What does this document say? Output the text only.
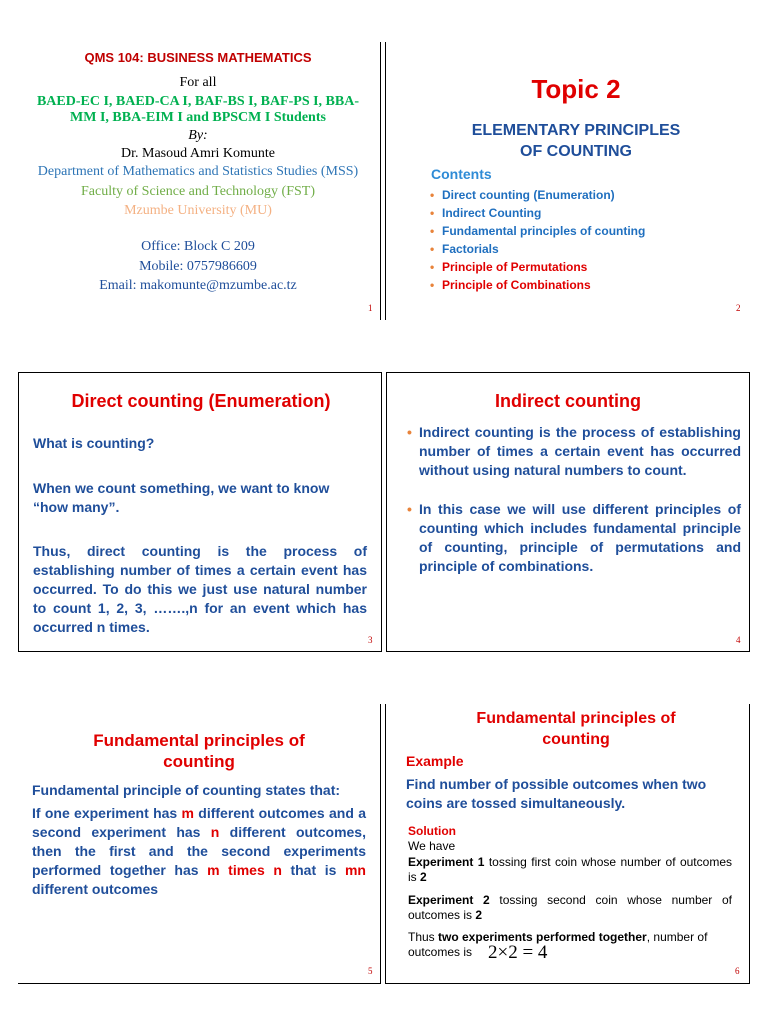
QMS 104: BUSINESS MATHEMATICS
For all
BAED-EC I, BAED-CA I, BAF-BS I, BAF-PS I, BBA-MM I, BBA-EIM I and BPSCM I Students
By:
Dr. Masoud Amri Komunte
Department of Mathematics and Statistics Studies (MSS)
Faculty of Science and Technology (FST)
Mzumbe University (MU)
Office: Block C 209
Mobile: 0757986609
Email: makomunte@mzumbe.ac.tz
1
Topic 2
ELEMENTARY PRINCIPLES
OF COUNTING
Contents
• Direct counting (Enumeration)
• Indirect Counting
• Fundamental principles of counting
• Factorials
• Principle of Permutations
• Principle of Combinations
2
Direct counting (Enumeration)
What is counting?
When we count something, we want to know “how many”.
Thus, direct counting is the process of establishing number of times a certain event has occurred. To do this we just use natural number to count 1, 2, 3, …….,n for an event which has occurred n times.
3
Indirect counting
• Indirect counting is the process of establishing number of times a certain event has occurred without using natural numbers to count.
• In this case we will use different principles of counting which includes fundamental principle of counting, principle of permutations and principle of combinations.
4
Fundamental principles of
counting
Fundamental principle of counting states that:
If one experiment has m different outcomes and a second experiment has n different outcomes, then the first and the second experiments performed together has m times n that is mn different outcomes
5
Fundamental principles of
counting
Example
Find number of possible outcomes when two coins are tossed simultaneously.
Solution
We have
Experiment 1 tossing first coin whose number of outcomes is 2
Experiment 2 tossing second coin whose number of outcomes is 2
Thus two experiments performed together, number of outcomes is 2×2 = 4
6
